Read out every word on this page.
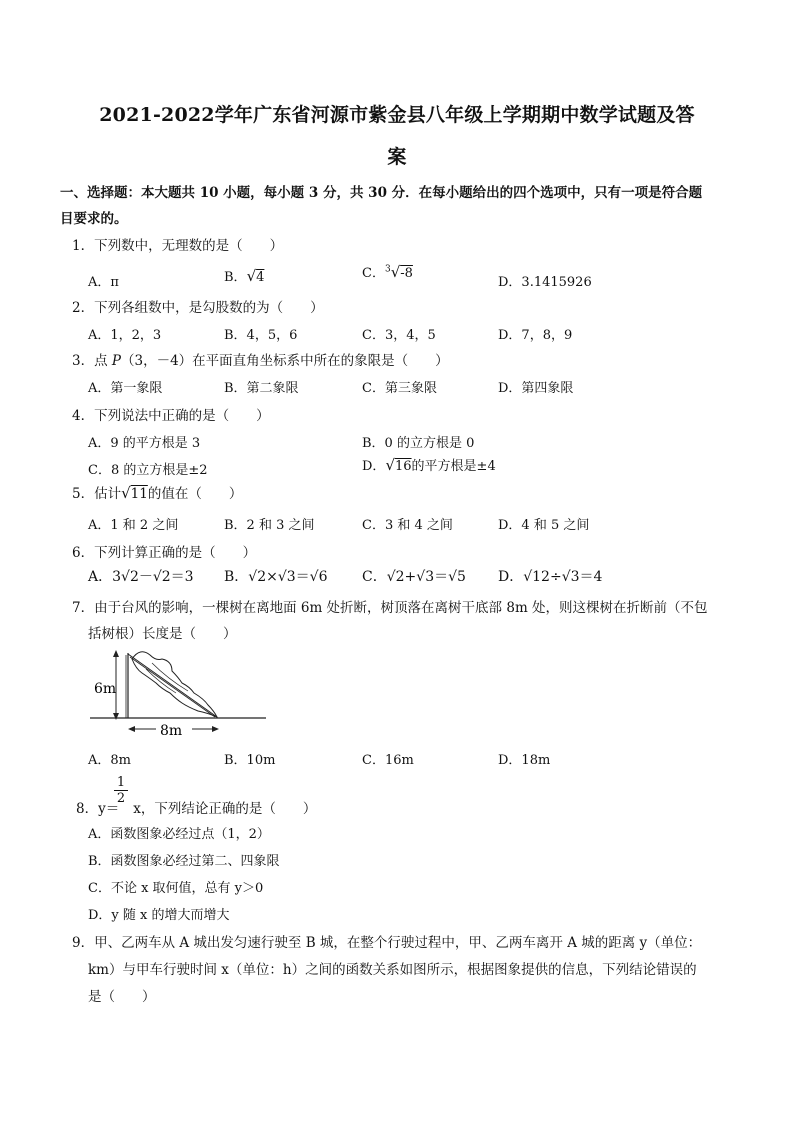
2021-2022学年广东省河源市紫金县八年级上学期期中数学试题及答
案
一、选择题：本大题共 10 小题，每小题 3 分，共 30 分．在每小题给出的四个选项中，只有一项是符合题
目要求的。
1．下列数中，无理数的是（　　）
A．π	B．√4	C．$^3$√-8
D．3.1415926
2．下列各组数中，是勾股数的为（　　）
A．1，2，3	B．4，5，6	C．3，4，5	D．7，8，9
3．点 P（3，－4）在平面直角坐标系中所在的象限是（　　）
A．第一象限	B．第二象限	C．第三象限	D．第四象限
4．下列说法中正确的是（　　）
A．9 的平方根是 3	B．0 的立方根是 0
C．8 的立方根是±2	D．√16的平方根是±4
5．估计√11的值在（　　）
A．1 和 2 之间	B．2 和 3 之间	C．3 和 4 之间	D．4 和 5 之间
6．下列计算正确的是（　　）
A．3√2－√2＝3 B．√2×√3＝√6 C．√2+√3＝√5 D．√12÷√3＝4
7．由于台风的影响，一棵树在离地面 6m 处折断，树顶落在离树干底部 8m 处，则这棵树在折断前（不包
括树根）长度是（　　）
6m
8m
A．8m	B．10m	C．16m	D．18m
$\frac{1}{2}$
8．y＝ x，下列结论正确的是（　　）
A．函数图象必经过点（1，2）
B．函数图象必经过第二、四象限
C．不论 x 取何值，总有 y＞0
D．y 随 x 的增大而增大
9．甲、乙两车从 A 城出发匀速行驶至 B 城，在整个行驶过程中，甲、乙两车离开 A 城的距离 y（单位：
km）与甲车行驶时间 x（单位：h）之间的函数关系如图所示，根据图象提供的信息，下列结论错误的
是（　　）
